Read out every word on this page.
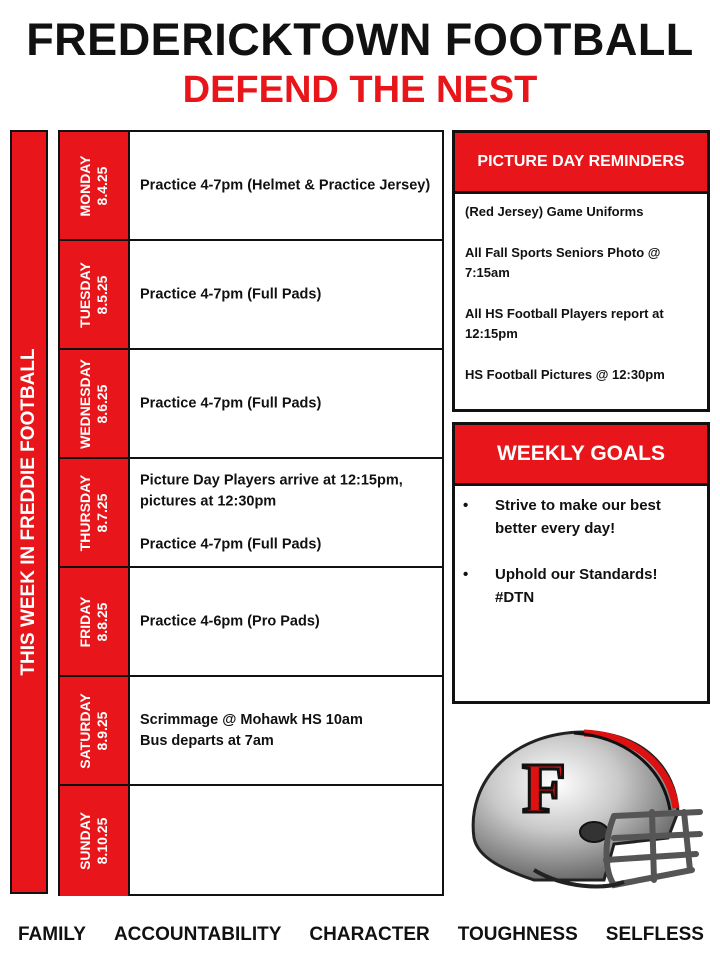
FREDERICKTOWN FOOTBALL
DEFEND THE NEST
THIS WEEK IN FREDDIE FOOTBALL
MONDAY 8.4.25 Practice 4-7pm (Helmet & Practice Jersey)

TUESDAY 8.5.25 Practice 4-7pm (Full Pads)

WEDNESDAY 8.6.25 Practice 4-7pm (Full Pads)

THURSDAY 8.7.25

Picture Day Players arrive at 12:15pm, pictures at 12:30pm

Practice 4-7pm (Full Pads)

FRIDAY 8.8.25 Practice 4-6pm (Pro Pads)

SATURDAY 8.9.25 Scrimmage @ Mohawk HS 10am
Bus departs at 7am
SUNDAY 8.10.25
PICTURE DAY REMINDERS

(Red Jersey) Game Uniforms

All Fall Sports Seniors Photo @ 7:15am

All HS Football Players report at 12:15pm

HS Football Pictures @ 12:30pm

WEEKLY GOALS
• Strive to make our best better every day!
• Uphold our Standards! #DTN
F
FAMILY ACCOUNTABILITY CHARACTER TOUGHNESS SELFLESS
